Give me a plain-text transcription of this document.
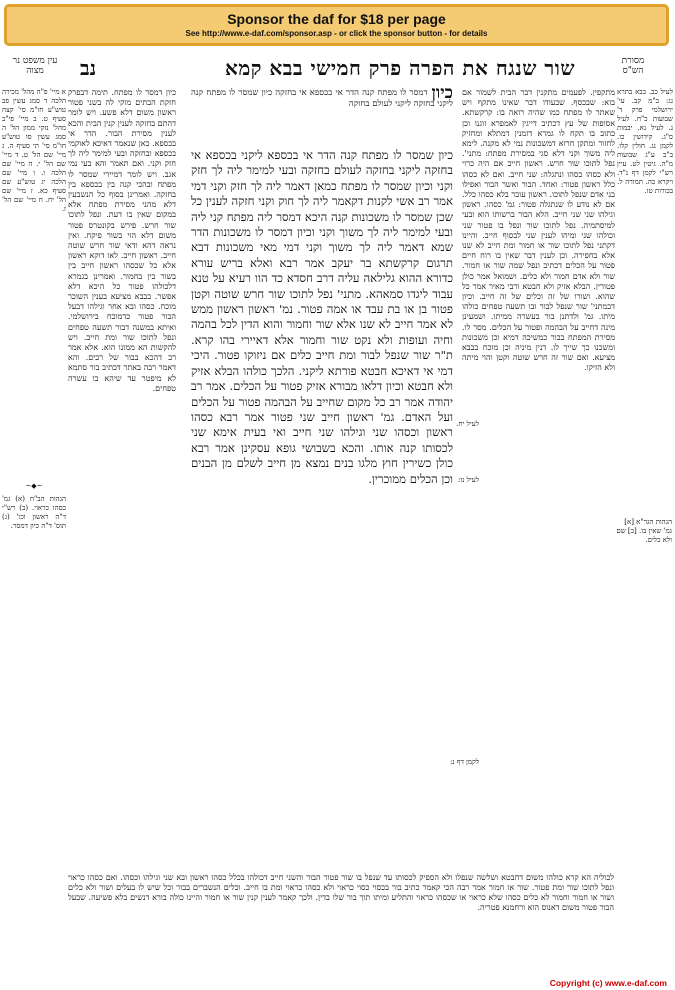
Sponsor the daf for $18 per page
See http://www.e-daf.com/sponsor.asp - or click the sponsor button - for details
מסורת הש"ס
שור שנגח את הפרה פרק חמישי בבא קמא
נב
עין משפט נר מצוה
לעיל כב. בבא בתרא נג: ב"מ קב. עי' ירושלמי פרק ד' שבועות כ"ח. לעיל נ. לעיל נא. יבמות ס"ג. קידושין כו. לקמן נג. חולין קלו. ב"ב ע"ג שבועות מ"ה. גיטין לט. עיין רש"י לקמן דף נ"ד. ויקרא כה. תמורה ל. בכורות טז.
מתקפין. לפעמים מתקנין דבר הבית לשמור אם בוא: שבכסף. שבעודו דבר שאינו מתקף ויש שאתר לו מפתח כמו שהיה רואה בו: קרקשתא. אסופות של עץ דכתיב דייגין לאמפרא זוגנו וכן כתוב בו תקח לו גמרא דזמנין דמתלא ומחזיק לחזור ומתקן חרזא דמשכונות נמי לא מקנה. לימא ליה משוך וקני דלא סגי במסירת מפתח: מתני'. נפל לתוכו שור חרש. ראשון חייב אם היה כרוי ולא כסהו כסהו ונתגלה: שני חייב. ואם לא כסהו כלל ראשון פטור: ואחד. הבור ואשר הבור ואפילו בני אדם שנפל לתוכו. ראשון עובר בלא כסהו כלל. אם לא נודע לו שנתגלה פטור: גמ' כסהו. ראשון וגילהו שני שני חייב. הלא הבור ברשותו הוא ובעי למיסתמיה. נפל לתוכו שור ונפל בו פטור שני וכולהו שני ומיהו לענין שני לבסוף חייב. והיינו דקתני נפל לתוכו שור או חמור ומת חייב לא שנו אלא בחפירה. וכן לענין דבר שאין בו רוח חיים פטור על הכלים דכתיב ונפל שמה שור או חמור. שור ולא אדם חמור ולא כלים. ושמואל אמר כולן פטורין. הבלא אזיק ולא חבטא ורבי מאיר אמר כל שהוא. ושורו של זה וכלים של זה חייב. וכיון דבמתני' שור שנפל לבור ובו תשעה טפחים כולהו מיתו. גמ' ולדתנן בור בעשרה ממיתו. ושמעינן מינה דחייב על הבהמה ופטור על הכלים. מסר לו. מסירת המפתח בבור כמשיכה דמיא וכן משכונות ומשכנו כך שייך לו. דנין מיניה וכן מוכח בבבא מציעא. ואם שור זה חרש שוטה וקטן והוי מיתה ולא הזיקו.
כיון
דמסר לו מפתח קנה הדר אי בכספא אי בחזקה כיון שמסר לו מפתח קנה ליקני בחזקה ליקני לעולם בחוקה
כיון שמסר לו מפתח קנה הדר אי בכספא ליקני בכספא אי בחזקה ליקני בחזקה לעולם בחזקה ובעי למימר ליה לך חזק וקני וכיון שמסר לו מפתח כמאן דאמר ליה לך חזק וקני דמי אמר רב אשי לקנות דקאמר ליה לך חוק וקני חזקה לענין כל שכן שמסר לו משכונות קנה היכא דמסר ליה מפתח קני ליה ובעי למימר ליה לך משוך וקני וכיון דמסר לו משכונות הדר שמא דאמר ליה לך משוך וקני דמי מאי משכונות דבא תרגום קרקשתא בר יעקב אמר רבא ואלא בריש עורא כדורא ההוא גלילאה עליה דרב חסדא כד הוו רעיא על טנא עבוד ליגדו סמאהא. מתני' נפל לתוכו שור חרש שוטה וקטן פטור בן או בת עבד או אמה פטור. נמ' ראשון ראשון ממש לא אמר חייב לא שנו אלא שור וחמור והוא הדין לכל בהמה וחיה ועופות ולא נקט שור וחמור אלא דאיירי בהו קרא. ת"ר שור שנפל לבור ומת חייב כלים אם ניזוקו פטור. היכי דמי אי דאיכא חבטא פורתא ליקני. הלכך כולהו הבלא אזיק ולא חבטא וכיון דלאו מבורא אזיק פטור על הכלים. אמר רב יהודה אמר רב כל מקום שחייב על הבהמה פטור על הכלים ועל האדם. גמ' ראשון חייב שני פטור אמר רבא כסהו ראשון וכסהו שני וגילהו שני חייב ואי בעית אימא שני לכסותו קנה אותו. והכא בשבושי גופא עסקינן אמר רבא כולן כשירין חוץ מלגו בנים נמצא מן חייב לשלם מן הבנים וכן הכלים ממוכרין.
כיון דמסר לו מפתח. תימה דבפרק חזקת הבתים מוקי לה בשני פטור ראשון משום דלא פשע. ויש לומר דהתם בחזקה לענין קנין הבית והכא לענין מסירת הבור. הדר אי בכספא. כאן שנאמר דאיכא לאוקמי בכספא ובחזקה ובעי למימר ליה לך חזק וקני. ואם תאמר והא בעי נמי אגב. ויש לומר דמיירי שמסר לו מפתח ובהכי קנה בין בכספא בין בחזקה. ואמרינן בסוף כל הנשבעין דלא מהני מסירת מפתח אלא במקום שאין בו דעת. ונפל לתוכו שור חרש. פירש בקונטרס פטור משום דלא הוי כשור פיקח. ואין נראה דהא ודאי שור חרש שוטה חייב. ראשון חייב. לאו דוקא ראשון אלא כל שכסהו ראשון חייב בין בשור בין בחמור. ואמרינן בגמרא דלכולהו פטור כל היכא דלא אפשר. בבבא מציעא בענין השוכר מוכח. כסהו ובא אחר וגילהו דבעל הבור פטור כדמוכח בירושלמי. ואיתא במשנה דבור תשעה טפחים ונפל לתוכו שור ומת חייב. ויש להקשות הא ממונו הוא. אלא אמר רב דהכא בבור של רבים. והא דאמר רבה באתר דכתיב בור סתמא לא מיפטר עד שיהא בו עשרה טפחים.
לכוליה הא קרא כולהו משום דחבטא ושלשה שנפלו ולא הספיק לכסותו עד שנפל בו שור פטור הבור והשני חייב דכולהו בכלל כסהו ראשון ובא שני וגילהו וכסהו. ואם כסהו כראוי ונפל לתוכו שור ומת פטור. שור או חמור אמר רבה הכי קאמר כתיב בור בכסוי כסוי כראוי ולא כסהו כראוי ומת בו חייב. וכלים הנשברים בבור וכל שיש לו בעלים ושור ולא כלים ושור או חמור וחמור לא כלים כסהו שלא כראוי או שכסהו כראוי והתליע ומיתו תוך בור שלו בדין. ולכך קאמר לענין קנין שור או חמור והיינו כולה בורא דנשים בלא פשיעה. שבעל הבור פטור משום דאנוס הוא ורחמנא פטריה.
א מיי' פ"ה מהל' מכירה הלכה ד סמג עשין פב טוש"ע חו"מ סי' קצח סעיף ט. ב מיי' פי"ב מהל' נזקי ממון הל' ה סמג עשין סו טוש"ע חו"מ סי' תי סעיף ה. ג מיי' שם הל' ט. ד מיי' שם הל' י. ה מיי' שם הלכה ו. ו מיי' שם הלכה יג טוש"ע שם סעיף כא. ז מיי' שם הל' יח. ח מיי' שם הל' ז.
~◆~
הגהות הב"ח (א) גמ' כסהו כראוי. (ב) רש"י ד"ה ראשון וכו' (ג) תוס' ד"ה כיון דמסר.
לעיל יח.
לעיל נו:
הגהות הגר"א [א] גמ' שאין בו. [ב] שם ולא כלים.
לקמן דף נ:
Copyright (c) www.e-daf.com
